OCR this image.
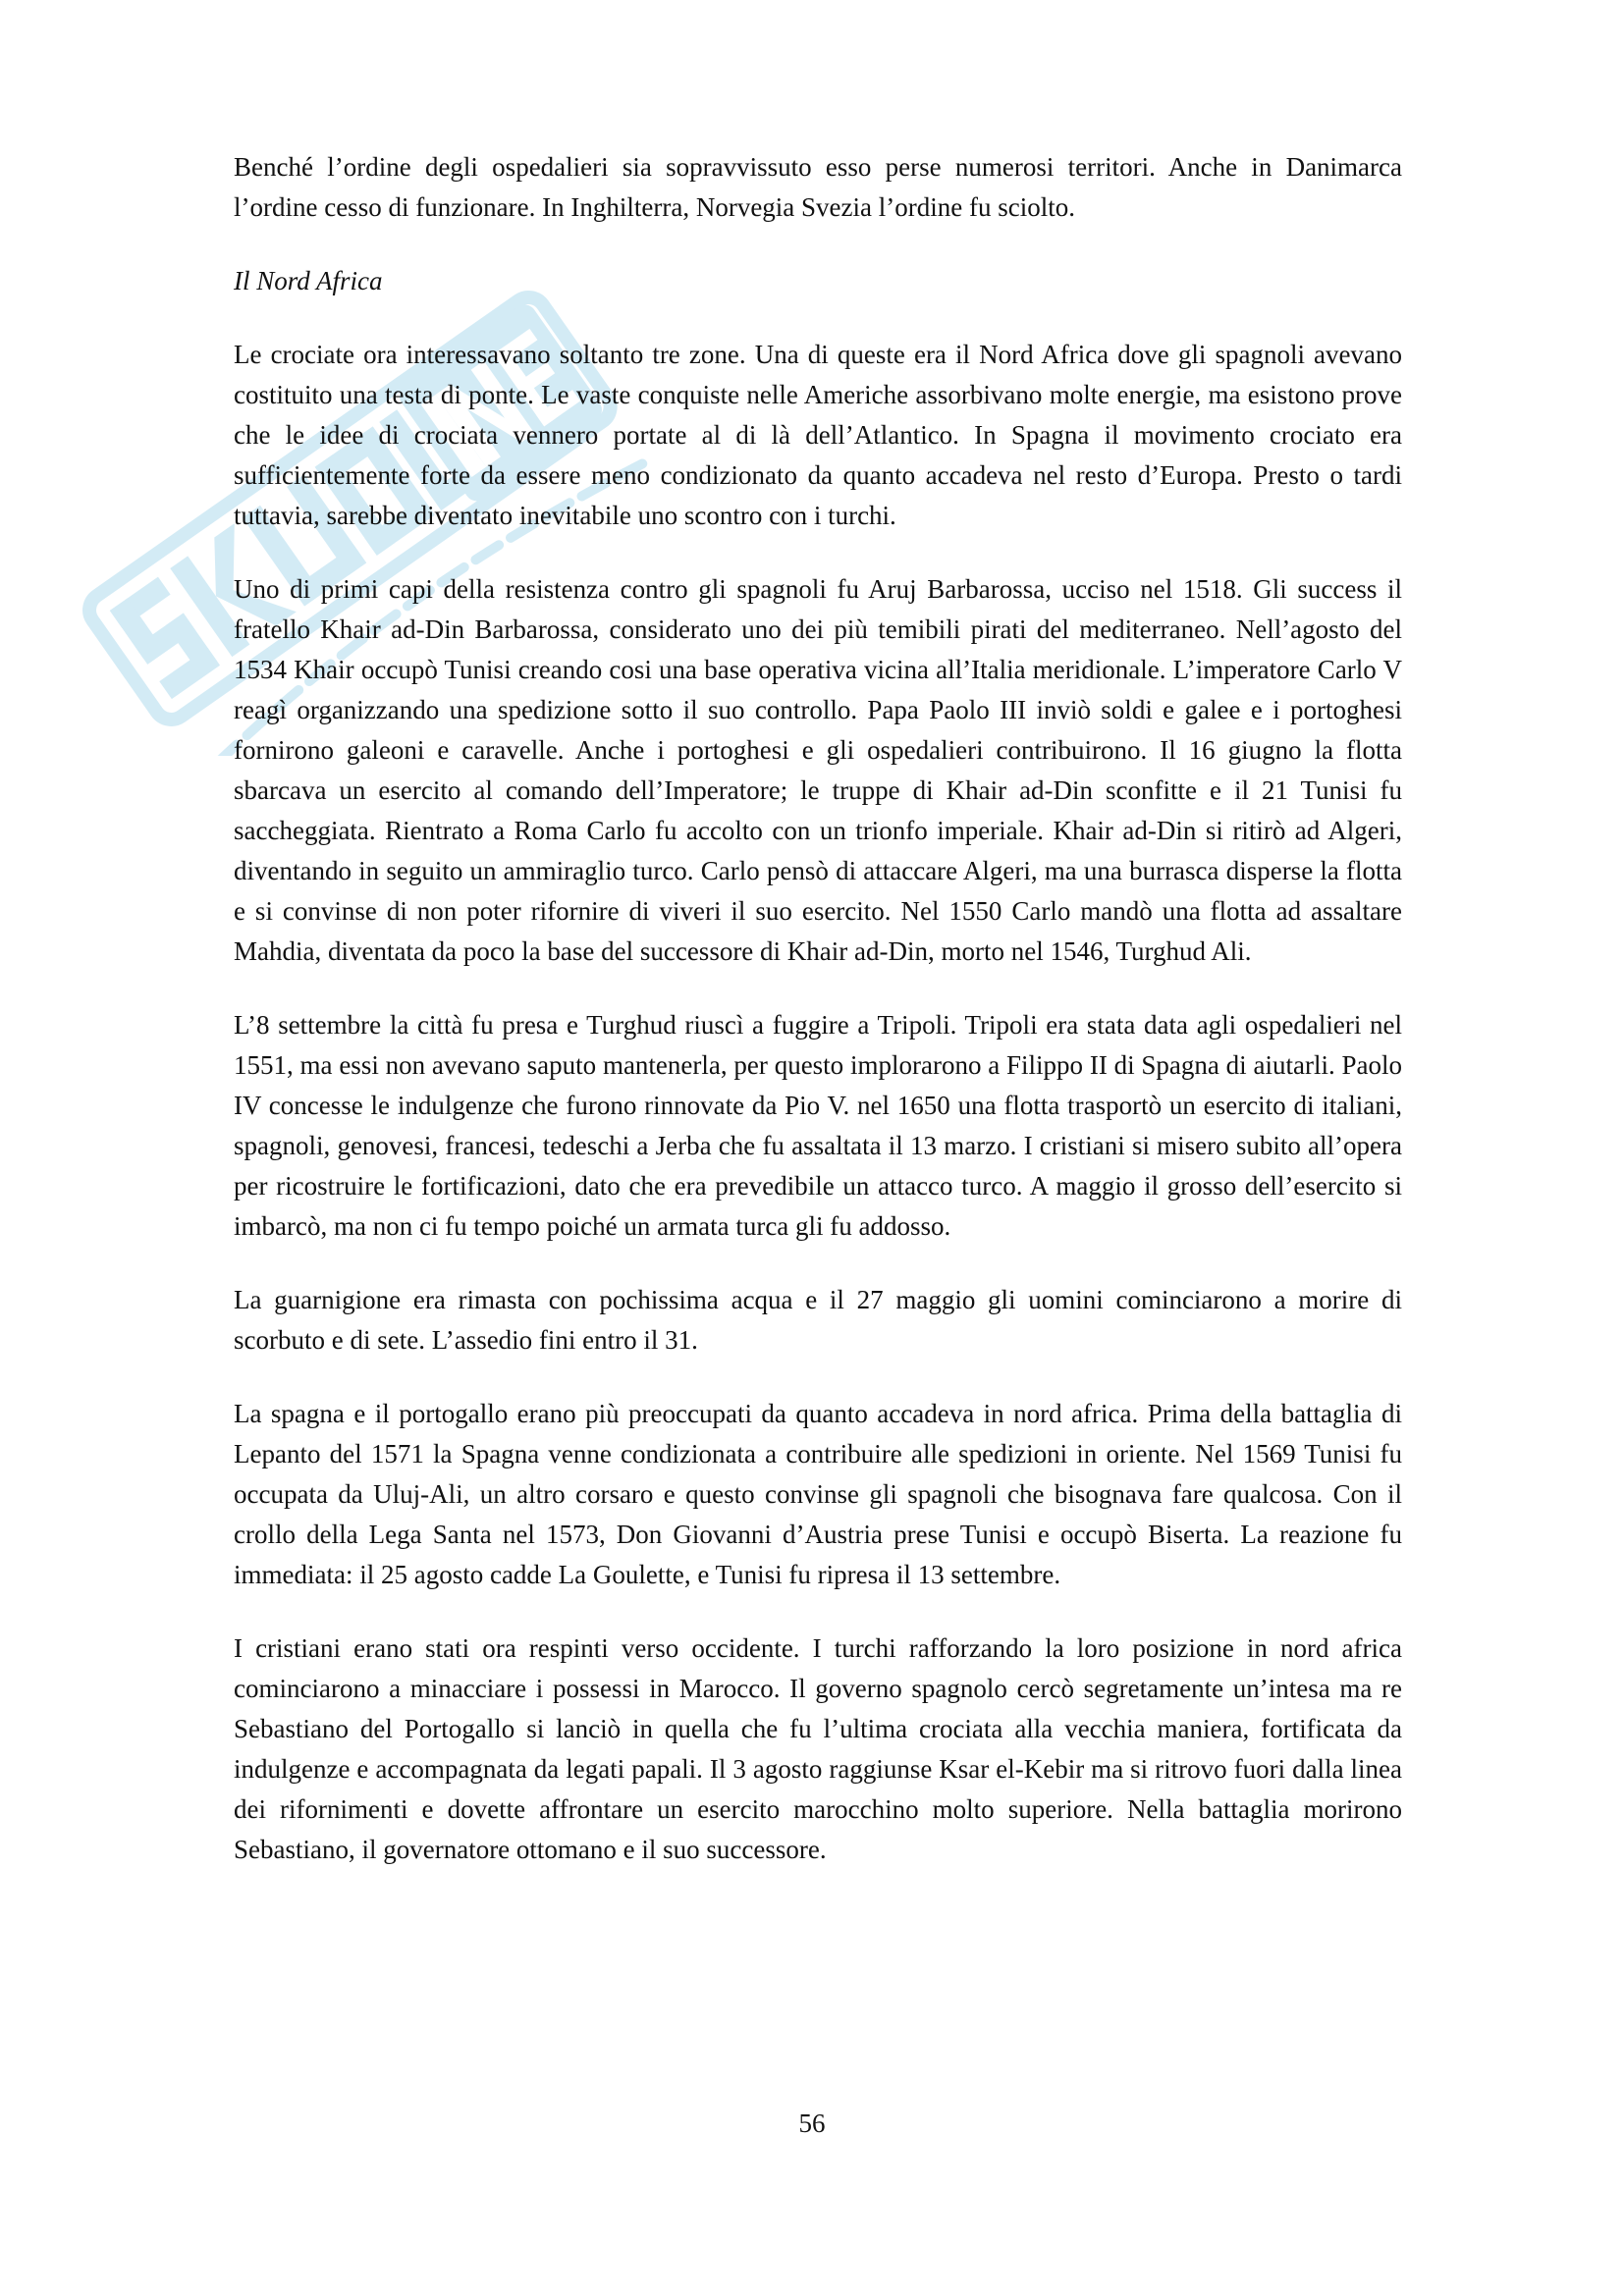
Benché l’ordine degli ospedalieri sia sopravvissuto esso perse numerosi territori. Anche in Danimarca l’ordine cesso di funzionare. In Inghilterra, Norvegia Svezia l’ordine fu sciolto.

Il Nord Africa

Le crociate ora interessavano soltanto tre zone. Una di queste era il Nord Africa dove gli spagnoli avevano costituito una testa di ponte. Le vaste conquiste nelle Americhe assorbivano molte energie, ma esistono prove che le idee di crociata vennero portate al di là dell’Atlantico. In Spagna il movimento crociato era sufficientemente forte da essere meno condizionato da quanto accadeva nel resto d’Europa. Presto o tardi tuttavia, sarebbe diventato inevitabile uno scontro con i turchi.

Uno di primi capi della resistenza contro gli spagnoli fu Aruj Barbarossa, ucciso nel 1518. Gli success il fratello Khair ad-Din Barbarossa, considerato uno dei più temibili pirati del mediterraneo. Nell’agosto del 1534 Khair occupò Tunisi creando cosi una base operativa vicina all’Italia meridionale. L’imperatore Carlo V reagì organizzando una spedizione sotto il suo controllo. Papa Paolo III inviò soldi e galee e i portoghesi fornirono galeoni e caravelle. Anche i portoghesi e gli ospedalieri contribuirono. Il 16 giugno la flotta sbarcava un esercito al comando dell’Imperatore; le truppe di Khair ad-Din sconfitte e il 21 Tunisi fu saccheggiata. Rientrato a Roma Carlo fu accolto con un trionfo imperiale. Khair ad-Din si ritirò ad Algeri, diventando in seguito un ammiraglio turco. Carlo pensò di attaccare Algeri, ma una burrasca disperse la flotta e si convinse di non poter rifornire di viveri il suo esercito. Nel 1550 Carlo mandò una flotta ad assaltare Mahdia, diventata da poco la base del successore di Khair ad-Din, morto nel 1546, Turghud Ali.

L’8 settembre la città fu presa e Turghud riuscì a fuggire a Tripoli. Tripoli era stata data agli ospedalieri nel 1551, ma essi non avevano saputo mantenerla, per questo implorarono a Filippo II di Spagna di aiutarli. Paolo IV concesse le indulgenze che furono rinnovate da Pio V. nel 1650 una flotta trasportò un esercito di italiani, spagnoli, genovesi, francesi, tedeschi a Jerba che fu assaltata il 13 marzo. I cristiani si misero subito all’opera per ricostruire le fortificazioni, dato che era prevedibile un attacco turco. A maggio il grosso dell’esercito si imbarcò, ma non ci fu tempo poiché un armata turca gli fu addosso.

La guarnigione era rimasta con pochissima acqua e il 27 maggio gli uomini cominciarono a morire di scorbuto e di sete. L’assedio fini entro il 31.

La spagna e il portogallo erano più preoccupati da quanto accadeva in nord africa. Prima della battaglia di Lepanto del 1571 la Spagna venne condizionata a contribuire alle spedizioni in oriente. Nel 1569 Tunisi fu occupata da Uluj-Ali, un altro corsaro e questo convinse gli spagnoli che bisognava fare qualcosa. Con il crollo della Lega Santa nel 1573, Don Giovanni d’Austria prese Tunisi e occupò Biserta. La reazione fu immediata: il 25 agosto cadde La Goulette, e Tunisi fu ripresa il 13 settembre.

I cristiani erano stati ora respinti verso occidente. I turchi rafforzando la loro posizione in nord africa cominciarono a minacciare i possessi in Marocco. Il governo spagnolo cercò segretamente un’intesa ma re Sebastiano del Portogallo si lanciò in quella che fu l’ultima crociata alla vecchia maniera, fortificata da indulgenze e accompagnata da legati papali. Il 3 agosto raggiunse Ksar el-Kebir ma si ritrovo fuori dalla linea dei rifornimenti e dovette affrontare un esercito marocchino molto superiore. Nella battaglia morirono Sebastiano, il governatore ottomano e il suo successore.

56
